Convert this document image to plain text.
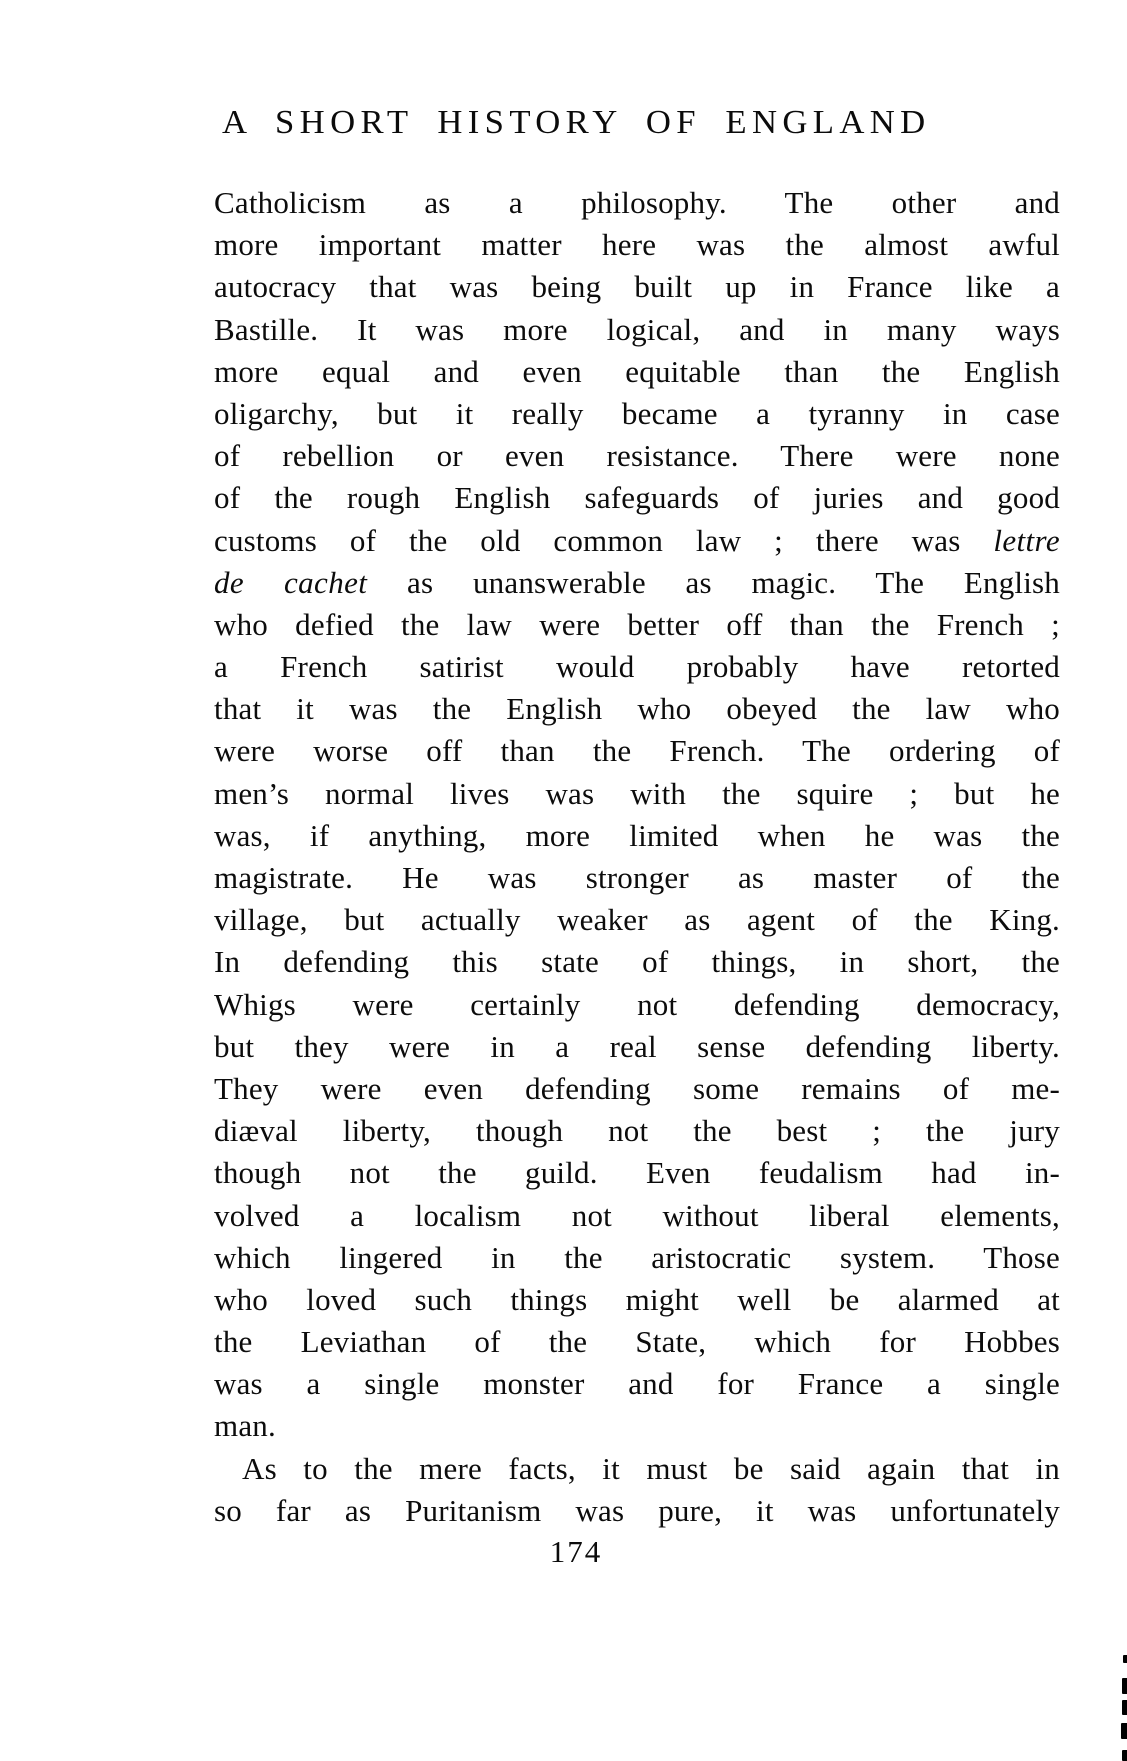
A SHORT HISTORY OF ENGLAND
Catholicism as a philosophy. The other and
more important matter here was the almost awful
autocracy that was being built up in France like a
Bastille. It was more logical, and in many ways
more equal and even equitable than the English
oligarchy, but it really became a tyranny in case
of rebellion or even resistance. There were none
of the rough English safeguards of juries and good
customs of the old common law ; there was lettre
de cachet as unanswerable as magic. The English
who defied the law were better off than the French ;
a French satirist would probably have retorted
that it was the English who obeyed the law who
were worse off than the French. The ordering of
men’s normal lives was with the squire ; but he
was, if anything, more limited when he was the
magistrate. He was stronger as master of the
village, but actually weaker as agent of the King.
In defending this state of things, in short, the
Whigs were certainly not defending democracy,
but they were in a real sense defending liberty.
They were even defending some remains of me-
diæval liberty, though not the best ; the jury
though not the guild. Even feudalism had in-
volved a localism not without liberal elements,
which lingered in the aristocratic system. Those
who loved such things might well be alarmed at
the Leviathan of the State, which for Hobbes
was a single monster and for France a single
man.
As to the mere facts, it must be said again that in
so far as Puritanism was pure, it was unfortunately
174
